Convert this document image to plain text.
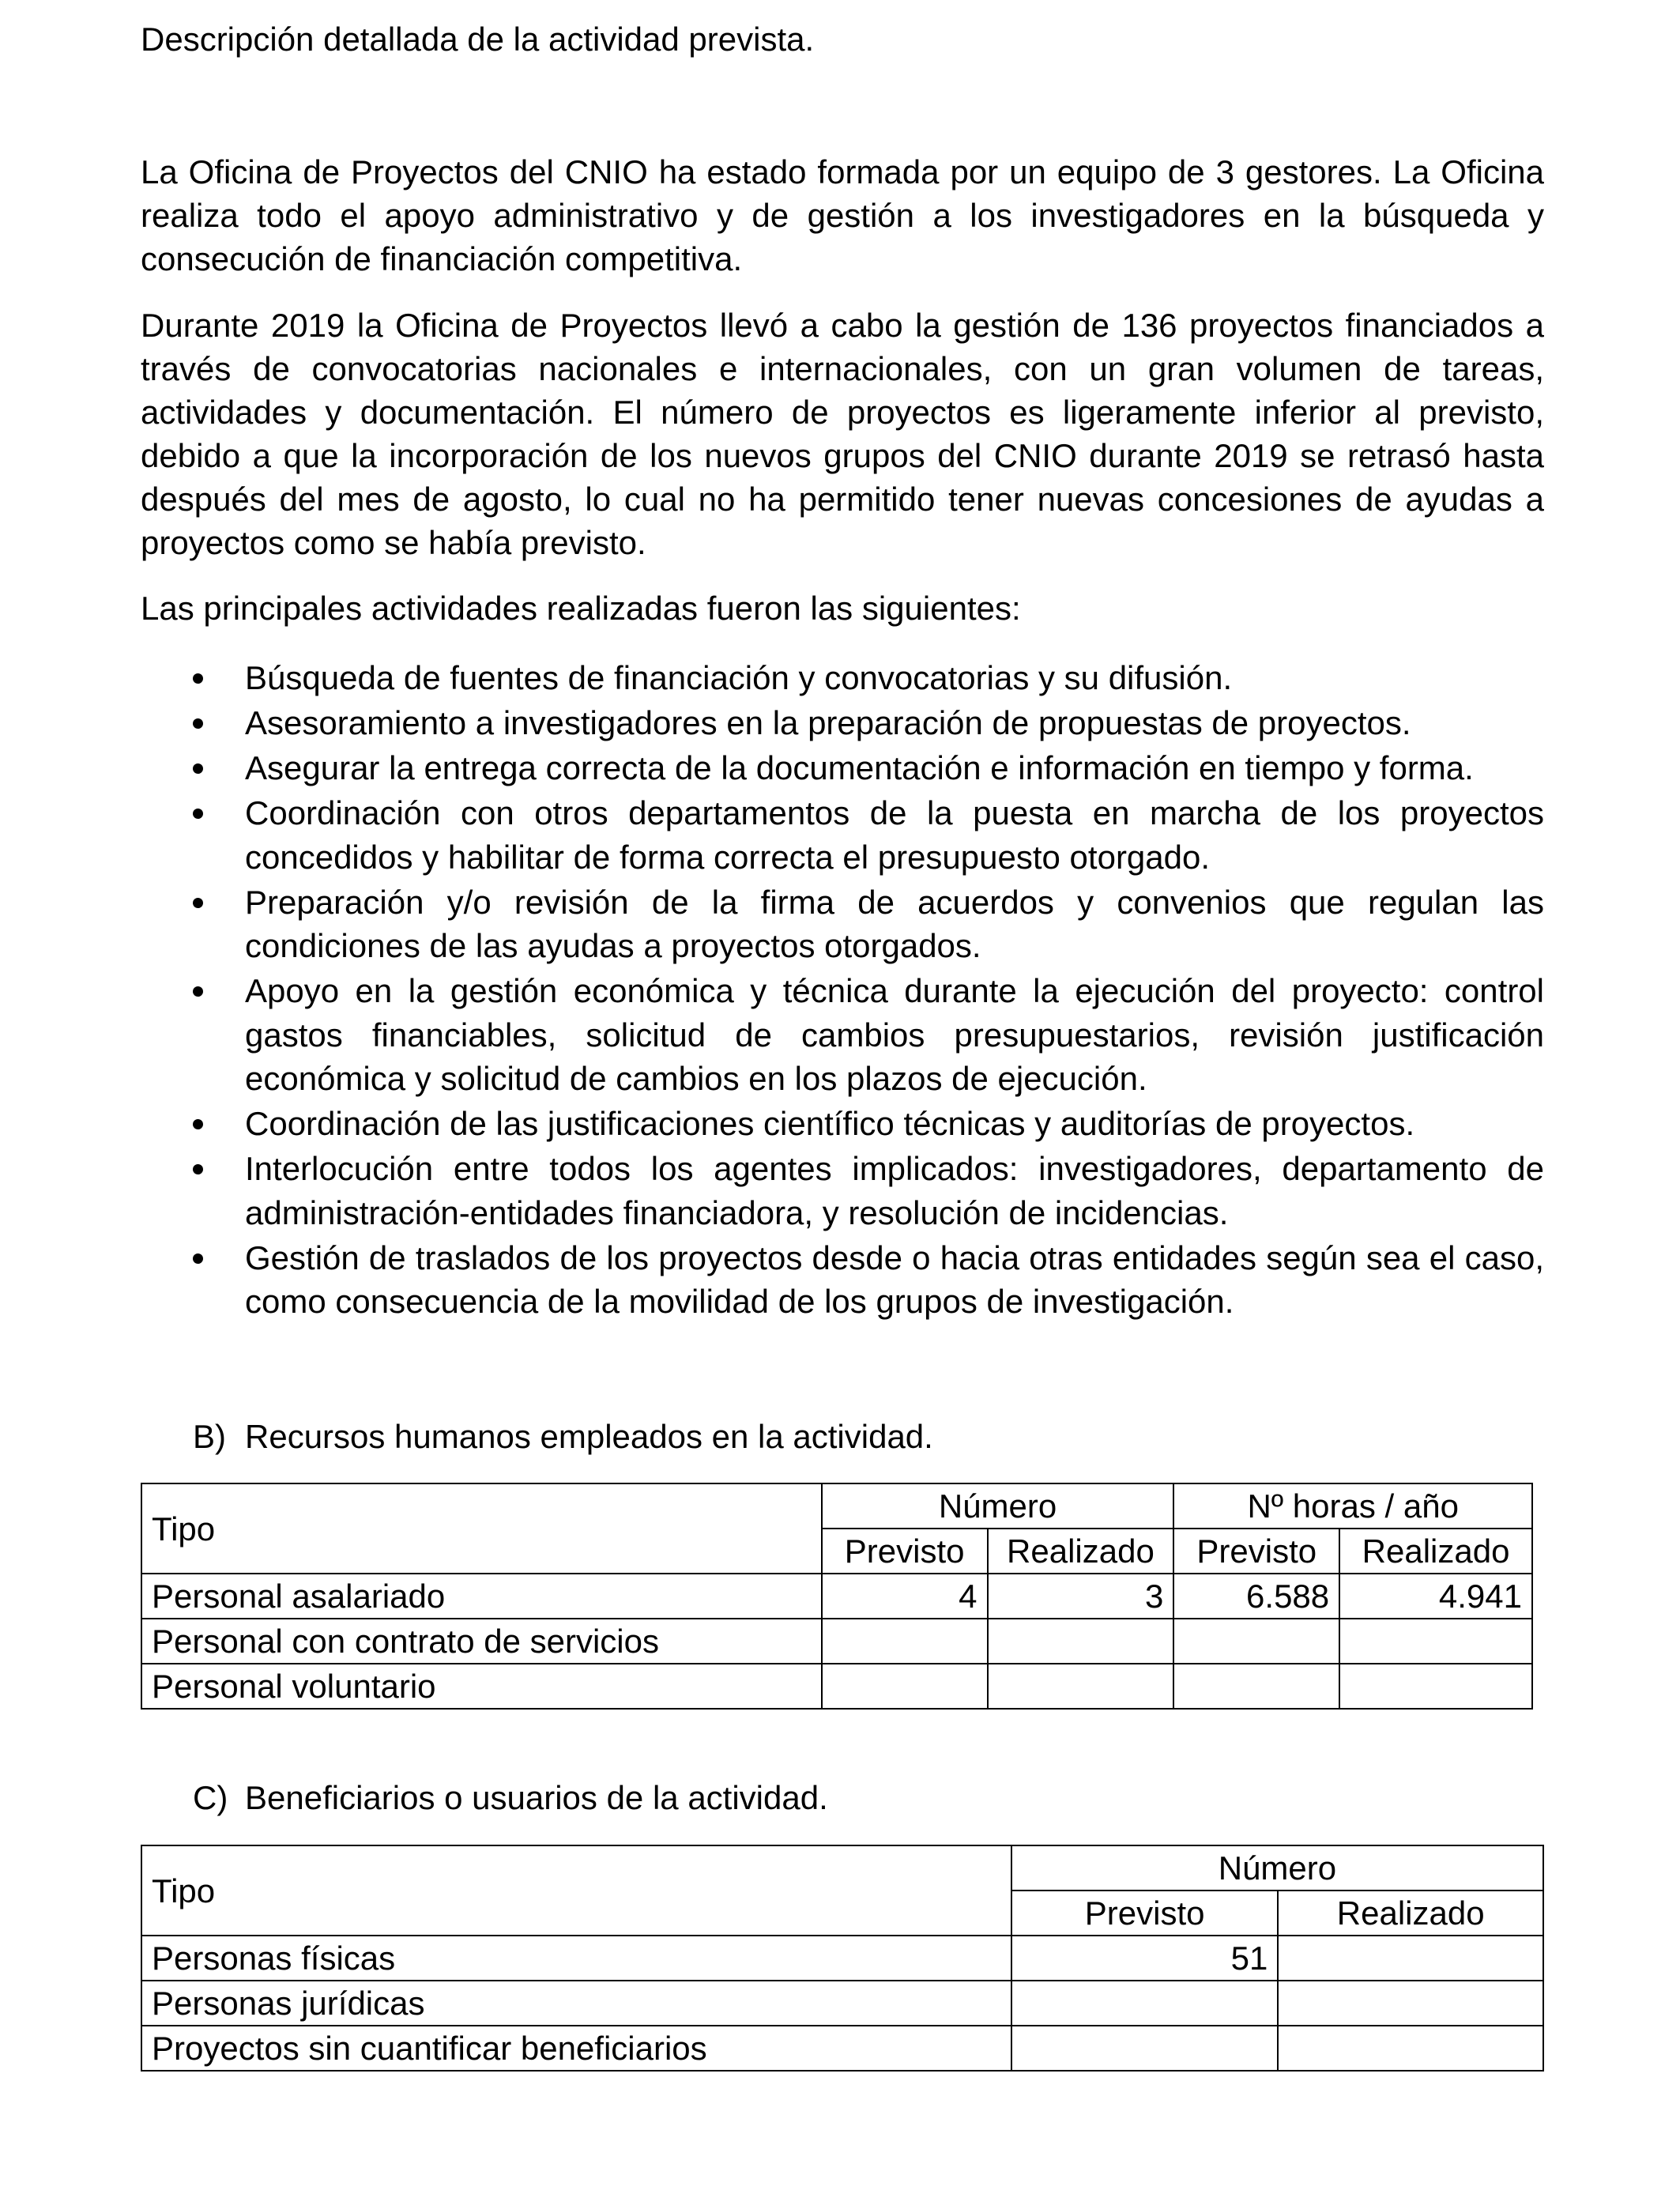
Descripción detallada de la actividad prevista.

La Oficina de Proyectos del CNIO ha estado formada por un equipo de 3 gestores. La Oficina realiza todo el apoyo administrativo y de gestión a los investigadores en la búsqueda y consecución de financiación competitiva.

Durante 2019 la Oficina de Proyectos llevó a cabo la gestión de 136 proyectos financiados a través de convocatorias nacionales e internacionales, con un gran volumen de tareas, actividades y documentación. El número de proyectos es ligeramente inferior al previsto, debido a que la incorporación de los nuevos grupos del CNIO durante 2019 se retrasó hasta después del mes de agosto, lo cual no ha permitido tener nuevas concesiones de ayudas a proyectos como se había previsto.

Las principales actividades realizadas fueron las siguientes:

Búsqueda de fuentes de financiación y convocatorias y su difusión.
Asesoramiento a investigadores en la preparación de propuestas de proyectos.
Asegurar la entrega correcta de la documentación e información en tiempo y forma.
Coordinación con otros departamentos de la puesta en marcha de los proyectos concedidos y habilitar de forma correcta el presupuesto otorgado.
Preparación y/o revisión de la firma de acuerdos y convenios que regulan las condiciones de las ayudas a proyectos otorgados.
Apoyo en la gestión económica y técnica durante la ejecución del proyecto: control gastos financiables, solicitud de cambios presupuestarios, revisión justificación económica y solicitud de cambios en los plazos de ejecución.
Coordinación de las justificaciones científico técnicas y auditorías de proyectos.
Interlocución entre todos los agentes implicados: investigadores, departamento de administración-entidades financiadora, y resolución de incidencias.
Gestión de traslados de los proyectos desde o hacia otras entidades según sea el caso, como consecuencia de la movilidad de los grupos de investigación.
B) Recursos humanos empleados en la actividad.
C) Beneficiarios o usuarios de la actividad.
Tipo	Número		Nº horas / año	
	Previsto	Realizado	Previsto	Realizado
Personal asalariado	4	3	6.588	4.941
Personal con contrato de servicios				
Personal voluntario				
Tipo	Número	
	Previsto	Realizado
Personas físicas	51	
Personas jurídicas		
Proyectos sin cuantificar beneficiarios		
